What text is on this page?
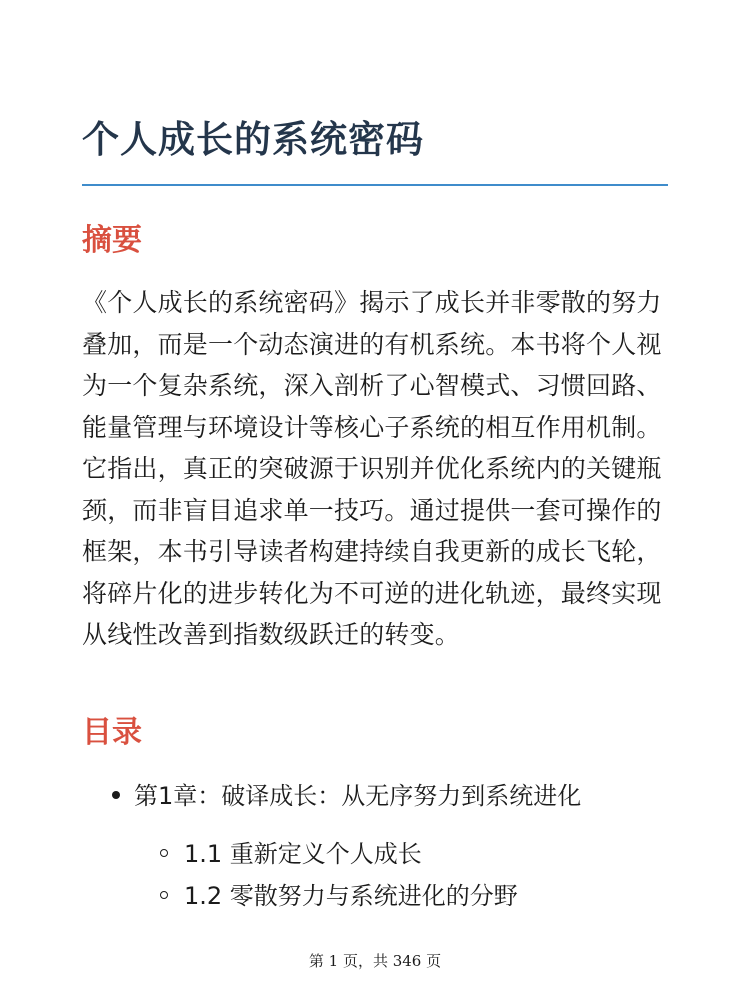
个人成长的系统密码
摘要

《个人成长的系统密码》揭示了成长并非零散的努力叠加，而是一个动态演进的有机系统。本书将个人视为一个复杂系统，深入剖析了心智模式、习惯回路、能量管理与环境设计等核心子系统的相互作用机制。它指出，真正的突破源于识别并优化系统内的关键瓶颈，而非盲目追求单一技巧。通过提供一套可操作的框架，本书引导读者构建持续自我更新的成长飞轮，将碎片化的进步转化为不可逆的进化轨迹，最终实现从线性改善到指数级跃迁的转变。

目录
第1章：破译成长：从无序努力到系统进化
1.1 重新定义个人成长
1.2 零散努力与系统进化的分野
第 1 页，共 346 页
